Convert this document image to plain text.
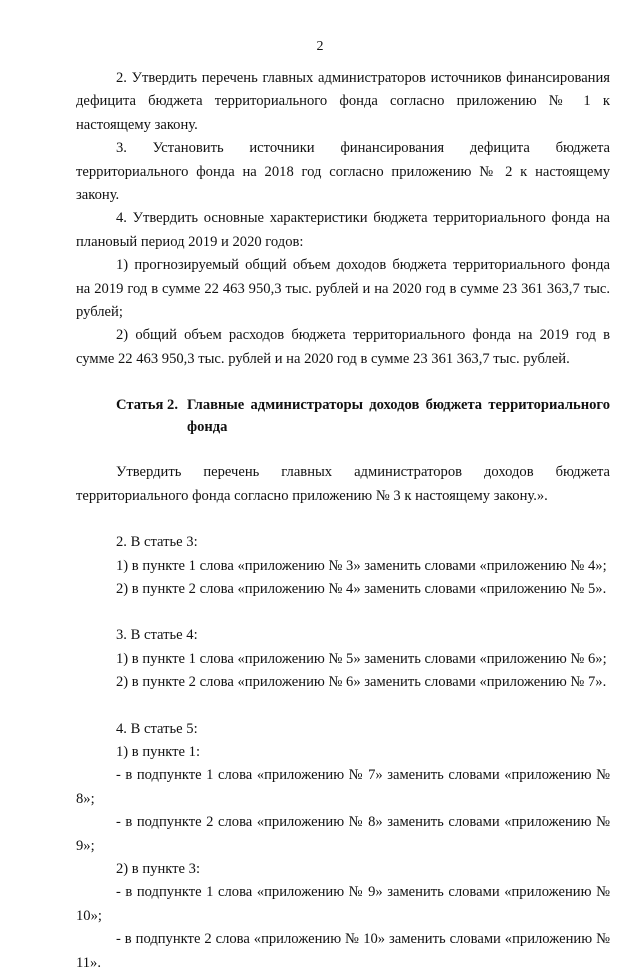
2

2. Утвердить перечень главных администраторов источников финансирования дефицита бюджета территориального фонда согласно приложению № 1 к настоящему закону.

3. Установить источники финансирования дефицита бюджета территориального фонда на 2018 год согласно приложению № 2 к настоящему закону.

4. Утвердить основные характеристики бюджета территориального фонда на плановый период 2019 и 2020 годов:

1) прогнозируемый общий объем доходов бюджета территориального фонда на 2019 год в сумме 22 463 950,3 тыс. рублей и на 2020 год в сумме 23 361 363,7 тыс. рублей;

2) общий объем расходов бюджета территориального фонда на 2019 год в сумме 22 463 950,3 тыс. рублей и на 2020 год в сумме 23 361 363,7 тыс. рублей.

Статья 2. Главные администраторы доходов бюджета территориального фонда

Утвердить перечень главных администраторов доходов бюджета территориального фонда согласно приложению № 3 к настоящему закону.».

2. В статье 3:

1) в пункте 1 слова «приложению № 3» заменить словами «приложению № 4»;

2) в пункте 2 слова «приложению № 4» заменить словами «приложению № 5».

3. В статье 4:

1) в пункте 1 слова «приложению № 5» заменить словами «приложению № 6»;

2) в пункте 2 слова «приложению № 6» заменить словами «приложению № 7».

4. В статье 5:

1) в пункте 1:

- в подпункте 1 слова «приложению № 7» заменить словами «приложению № 8»;

- в подпункте 2 слова «приложению № 8» заменить словами «приложению № 9»;

2) в пункте 3:

- в подпункте 1 слова «приложению № 9» заменить словами «приложению № 10»;

- в подпункте 2 слова «приложению № 10» заменить словами «приложению № 11».
